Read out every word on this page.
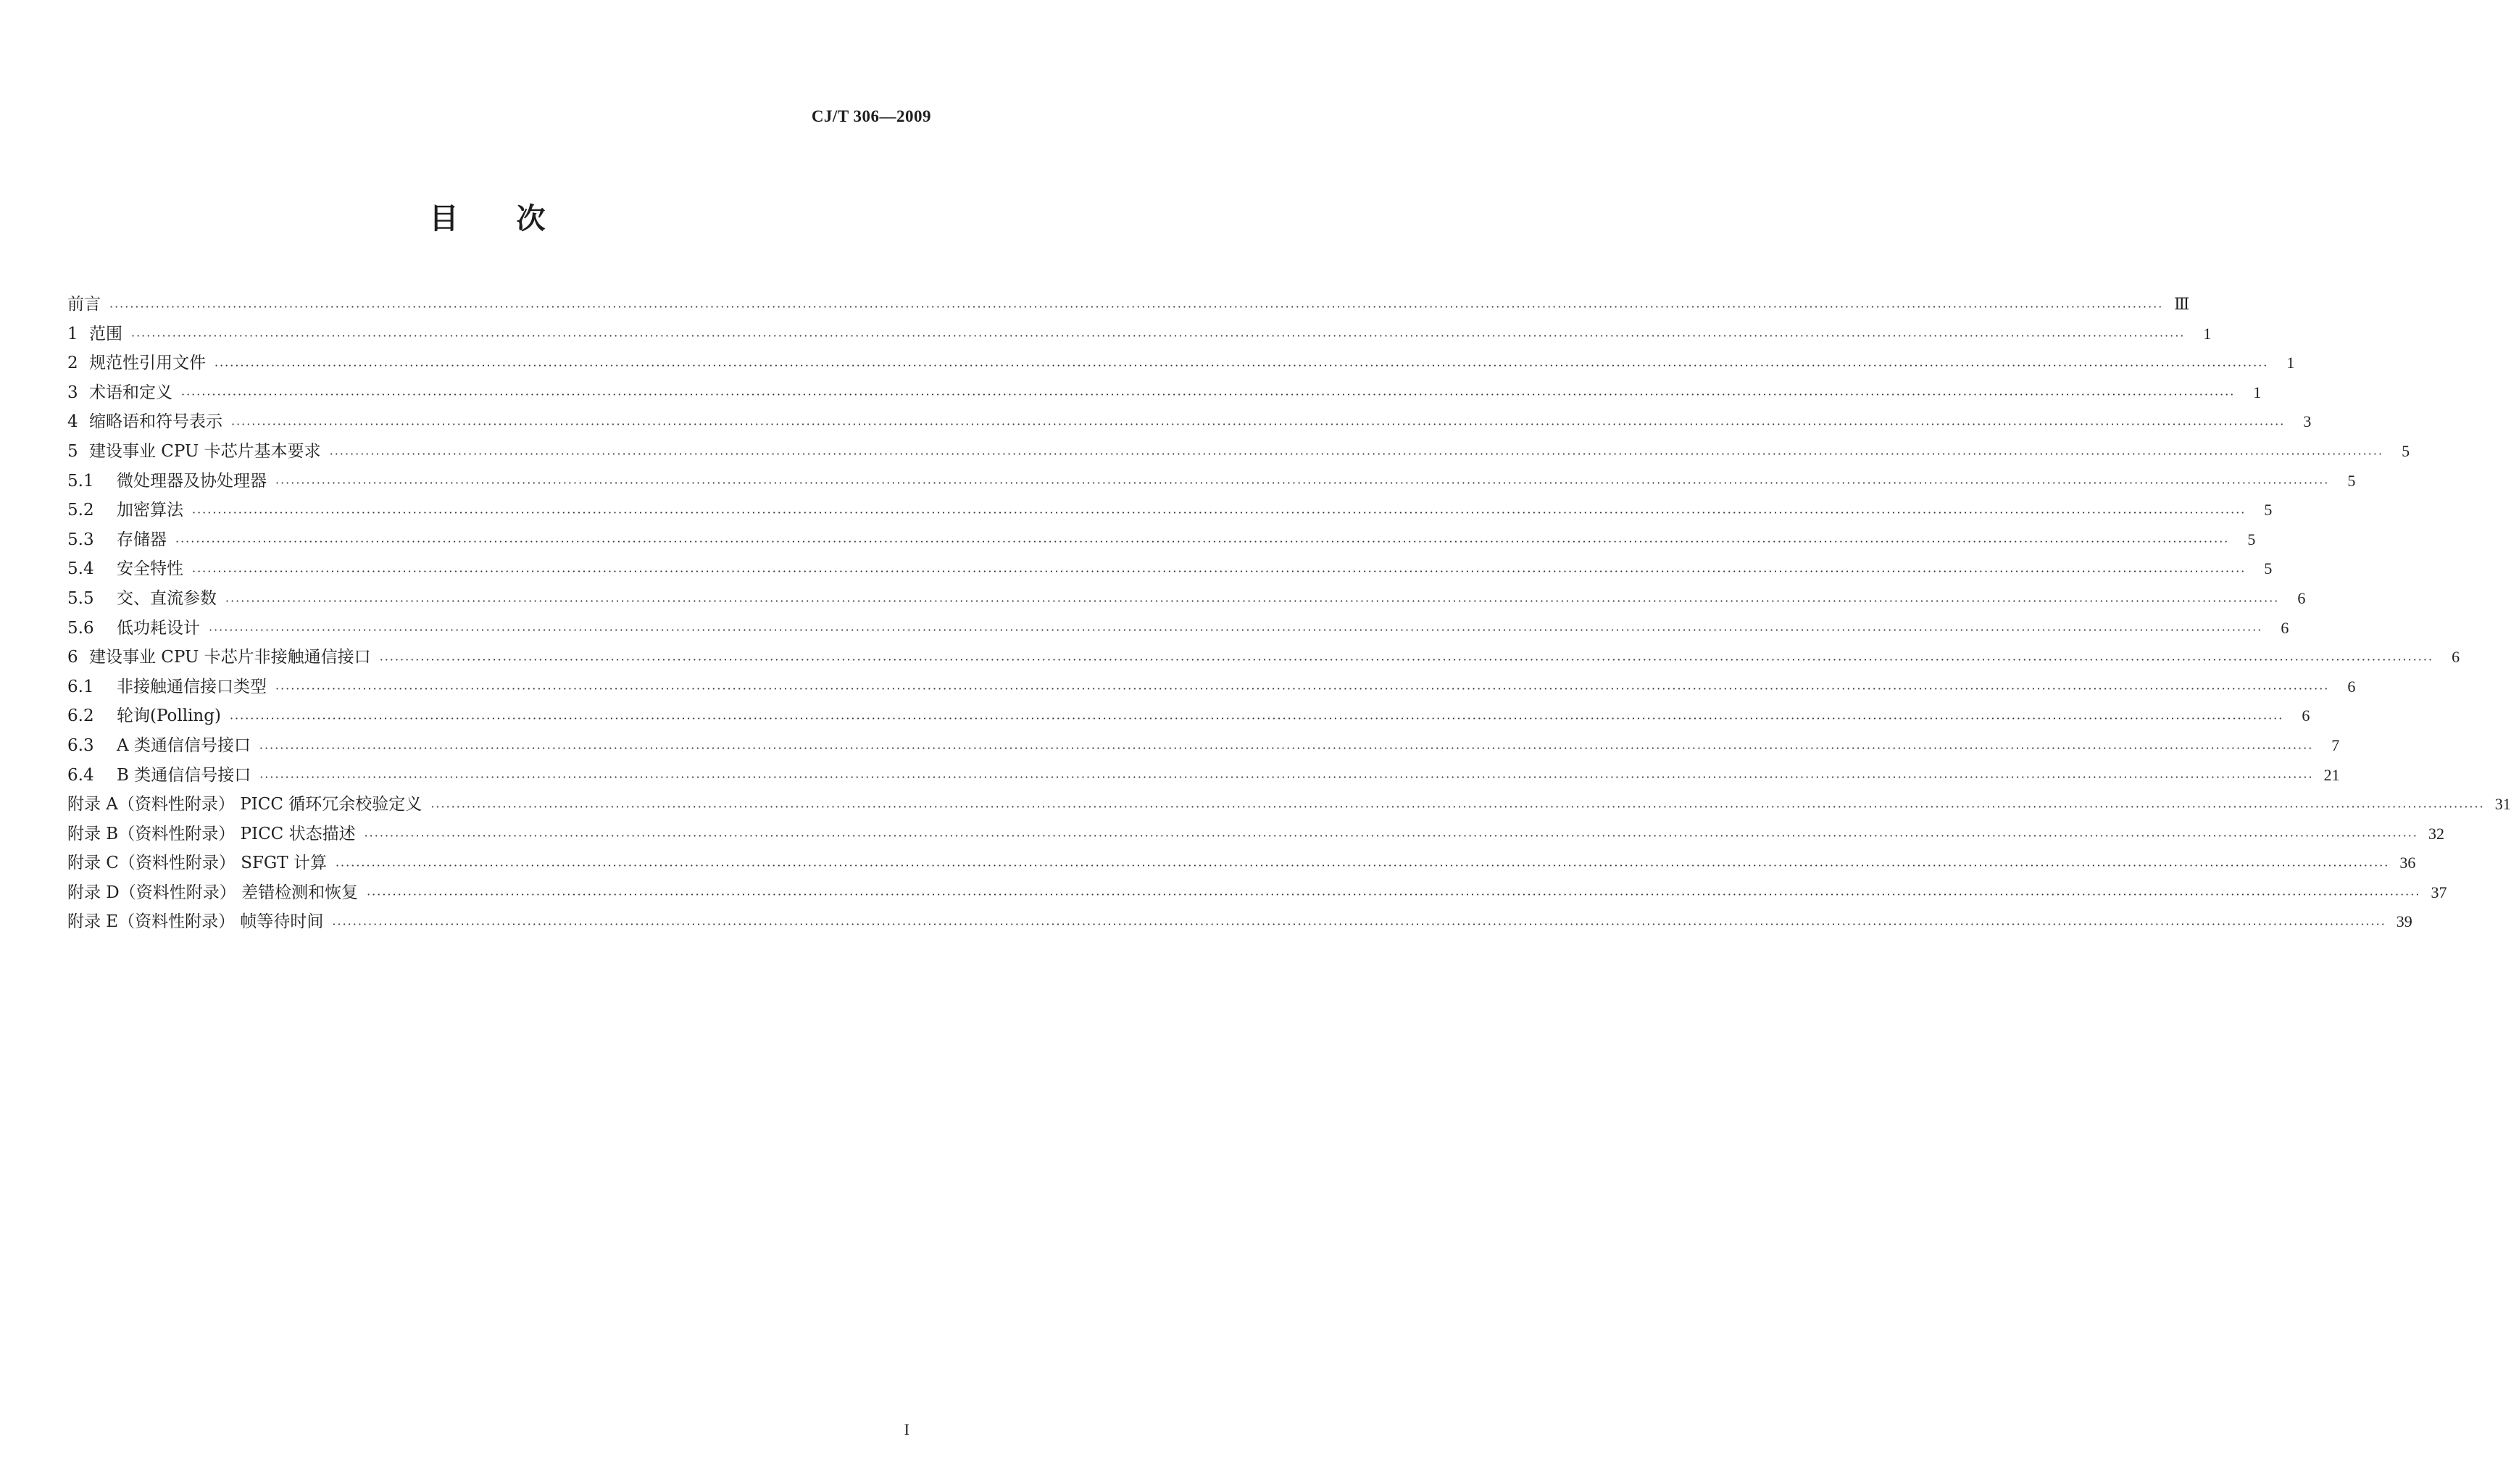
CJ/T 306—2009
目次
前言 ················································································································································································································································································································································································································ Ⅲ
1 范围 ················································································································································································································································································································································································································	1
2 规范性引用文件 ················································································································································································································································································································································································································	1
3 术语和定义 ················································································································································································································································································································································································································	1
4 缩略语和符号表示 ················································································································································································································································································································································································································	3
5 建设事业 CPU 卡芯片基本要求 ················································································································································································································································································································································································································	5
5.1 微处理器及协处理器 ················································································································································································································································································································································································································	5
5.2 加密算法 ················································································································································································································································································································································································································	5
5.3 存储器 ················································································································································································································································································································································································································	5
5.4 安全特性 ················································································································································································································································································································································································································	5
5.5 交、直流参数 ················································································································································································································································································································································································································	6
5.6 低功耗设计 ················································································································································································································································································································································································································	6
6 建设事业 CPU 卡芯片非接触通信接口 ················································································································································································································································································································································································································	6
6.1 非接触通信接口类型 ················································································································································································································································································································································································································	6
6.2 轮询(Polling) ················································································································································································································································································································································································································	6
6.3 A 类通信信号接口 ················································································································································································································································································································································································································	7
6.4 B 类通信信号接口 ················································································································································································································································································································································································································ 21
附录 A（资料性附录） PICC 循环冗余校验定义 ················································································································································································································································································································································································································ 31
附录 B（资料性附录） PICC 状态描述 ················································································································································································································································································································································································································ 32
附录 C（资料性附录） SFGT 计算 ················································································································································································································································································································································································································ 36
附录 D（资料性附录） 差错检测和恢复 ················································································································································································································································································································································································································ 37
附录 E（资料性附录） 帧等待时间 ················································································································································································································································································································································································································ 39
I
